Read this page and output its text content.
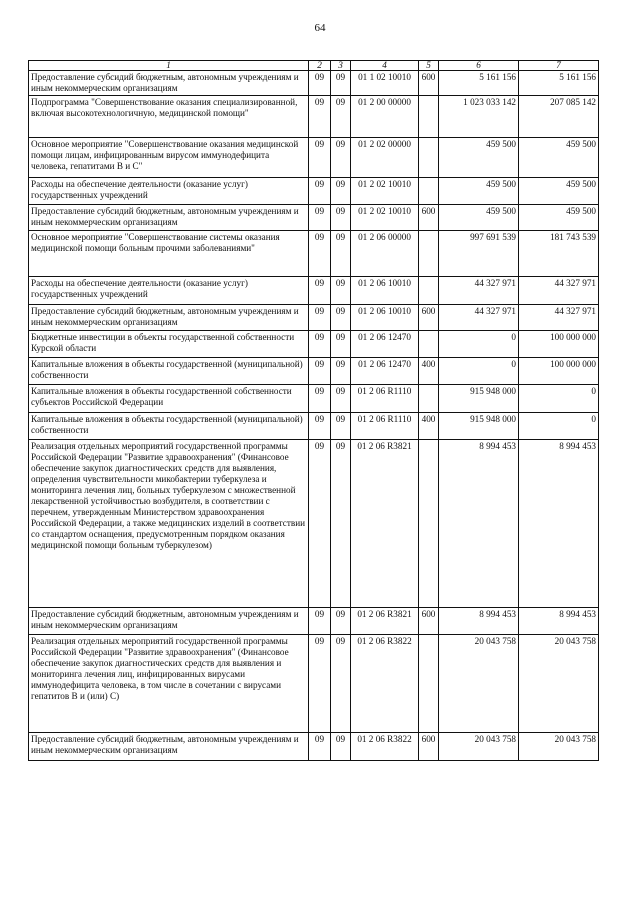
64
1	2	3	4	5	6	7
Предоставление субсидий бюджетным, автономным учреждениям и иным некоммерческим организациям	09	09	01 1 02 10010	600	5 161 156	5 161 156
Подпрограмма "Совершенствование оказания специализированной, включая высокотехнологичную, медицинской помощи"	09	09	01 2 00 00000		1 023 033 142	207 085 142
Основное мероприятие "Совершенствование оказания медицинской помощи лицам, инфицированным вирусом иммунодефицита человека, гепатитами В и С"	09	09	01 2 02 00000		459 500	459 500
Расходы на обеспечение деятельности (оказание услуг) государственных учреждений	09	09	01 2 02 10010		459 500	459 500
Предоставление субсидий бюджетным, автономным учреждениям и иным некоммерческим организациям	09	09	01 2 02 10010	600	459 500	459 500
Основное мероприятие "Совершенствование системы оказания медицинской помощи больным прочими заболеваниями"	09	09	01 2 06 00000		997 691 539	181 743 539
Расходы на обеспечение деятельности (оказание услуг) государственных учреждений	09	09	01 2 06 10010		44 327 971	44 327 971
Предоставление субсидий бюджетным, автономным учреждениям и иным некоммерческим организациям	09	09	01 2 06 10010	600	44 327 971	44 327 971
Бюджетные инвестиции в объекты государственной собственности Курской области	09	09	01 2 06 12470		0	100 000 000
Капитальные вложения в объекты государственной (муниципальной) собственности	09	09	01 2 06 12470	400	0	100 000 000
Капитальные вложения в объекты государственной собственности субъектов Российской Федерации	09	09	01 2 06 R1110		915 948 000	0
Капитальные вложения в объекты государственной (муниципальной) собственности	09	09	01 2 06 R1110	400	915 948 000	0
Реализация отдельных мероприятий государственной программы Российской Федерации "Развитие здравоохранения" (Финансовое обеспечение закупок диагностических средств для выявления, определения чувствительности микобактерии туберкулеза и мониторинга лечения лиц, больных туберкулезом с множественной лекарственной устойчивостью возбудителя, в соответствии с перечнем, утвержденным Министерством здравоохранения Российской Федерации, а также медицинских изделий в соответствии со стандартом оснащения, предусмотренным порядком оказания медицинской помощи больным туберкулезом)	09	09	01 2 06 R3821		8 994 453	8 994 453
Предоставление субсидий бюджетным, автономным учреждениям и иным некоммерческим организациям	09	09	01 2 06 R3821	600	8 994 453	8 994 453
Реализация отдельных мероприятий государственной программы Российской Федерации "Развитие здравоохранения" (Финансовое обеспечение закупок диагностических средств для выявления и мониторинга лечения лиц, инфицированных вирусами иммунодефицита человека, в том числе в сочетании с вирусами гепатитов B и (или) C)	09	09	01 2 06 R3822		20 043 758	20 043 758
Предоставление субсидий бюджетным, автономным учреждениям и иным некоммерческим организациям	09	09	01 2 06 R3822	600	20 043 758	20 043 758
